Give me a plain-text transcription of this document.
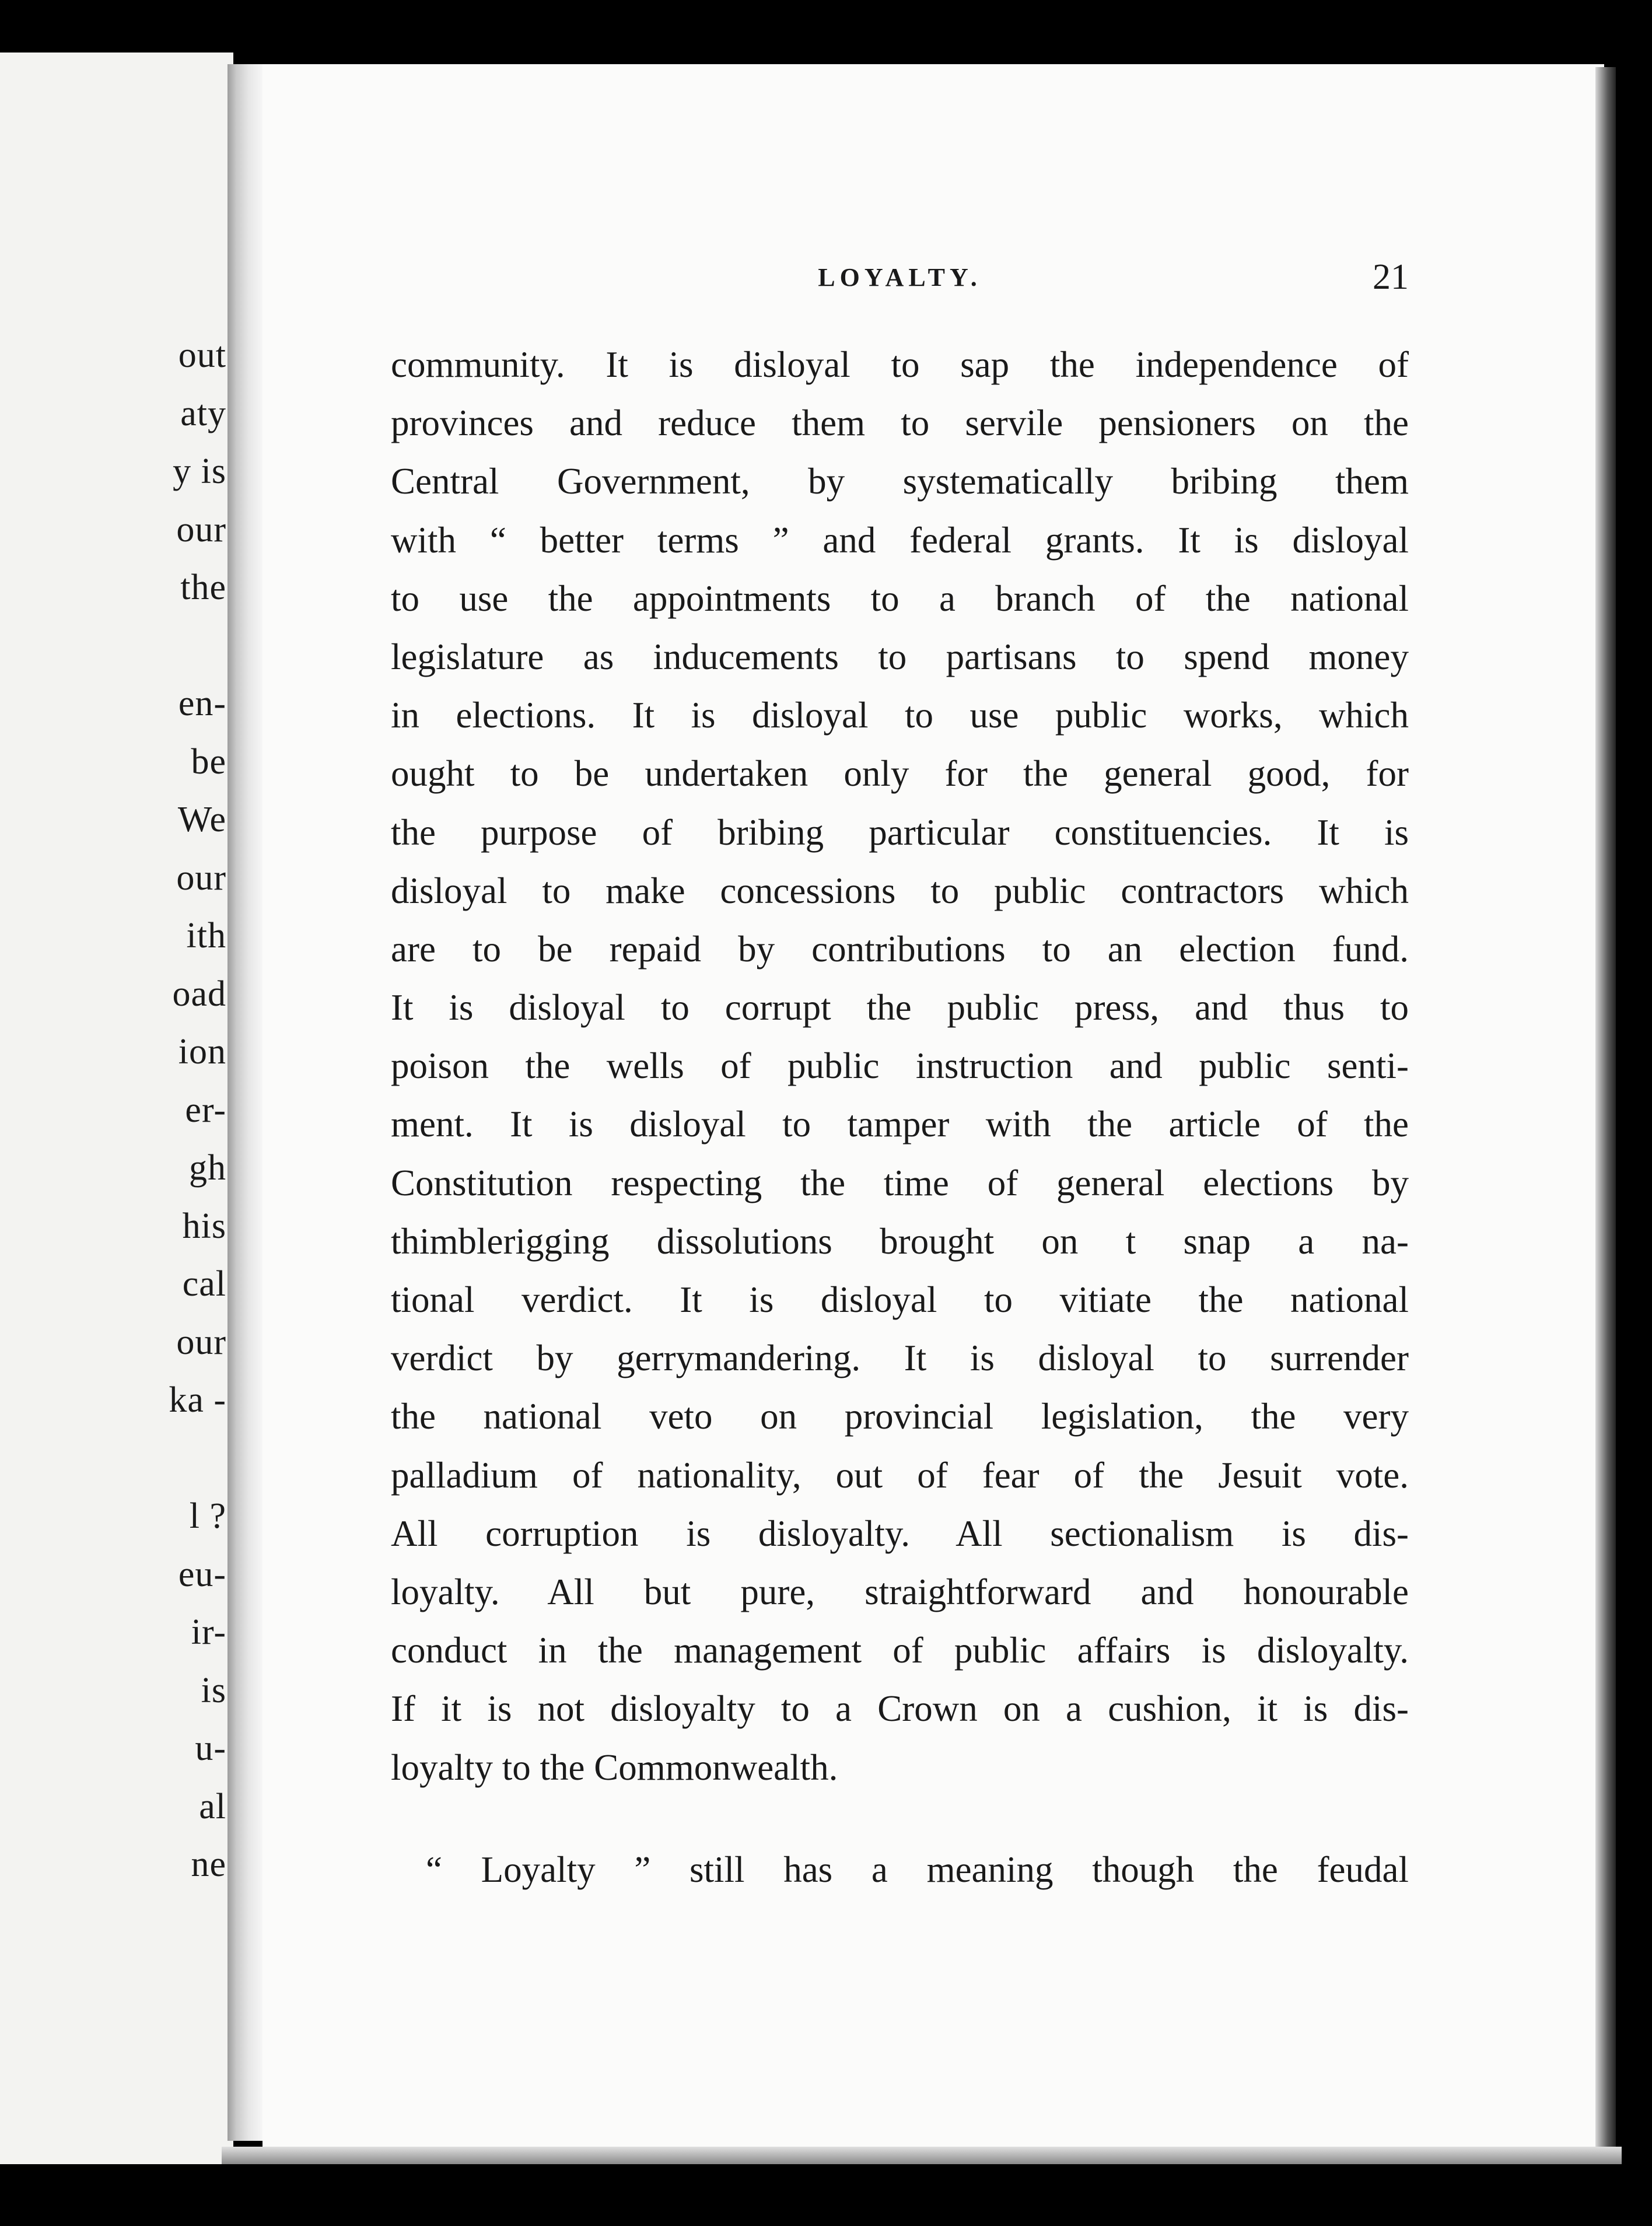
out
aty
y is
our
the
en-
be
We
our
ith
oad
ion
er-
gh
his
cal
our
ka -
l ?
eu-
ir-
is
u-
al
ne
LOYALTY.	21
community. It is disloyal to sap the independence of
provinces and reduce them to servile pensioners on the
Central Government, by systematically bribing them
with “ better terms ” and federal grants. It is disloyal
to use the appointments to a branch of the national
legislature as inducements to partisans to spend money
in elections. It is disloyal to use public works, which
ought to be undertaken only for the general good, for
the purpose of bribing particular constituencies. It is
disloyal to make concessions to public contractors which
are to be repaid by contributions to an election fund.
It is disloyal to corrupt the public press, and thus to
poison the wells of public instruction and public senti-
ment. It is disloyal to tamper with the article of the
Constitution respecting the time of general elections by
thimblerigging dissolutions brought on t snap a na-
tional verdict. It is disloyal to vitiate the national
verdict by gerrymandering. It is disloyal to surrender
the national veto on provincial legislation, the very
palladium of nationality, out of fear of the Jesuit vote.
All corruption is disloyalty. All sectionalism is dis-
loyalty. All but pure, straightforward and honourable
conduct in the management of public affairs is disloyalty.
If it is not disloyalty to a Crown on a cushion, it is dis-
loyalty to the Commonwealth.
“ Loyalty ” still has a meaning though the feudal
